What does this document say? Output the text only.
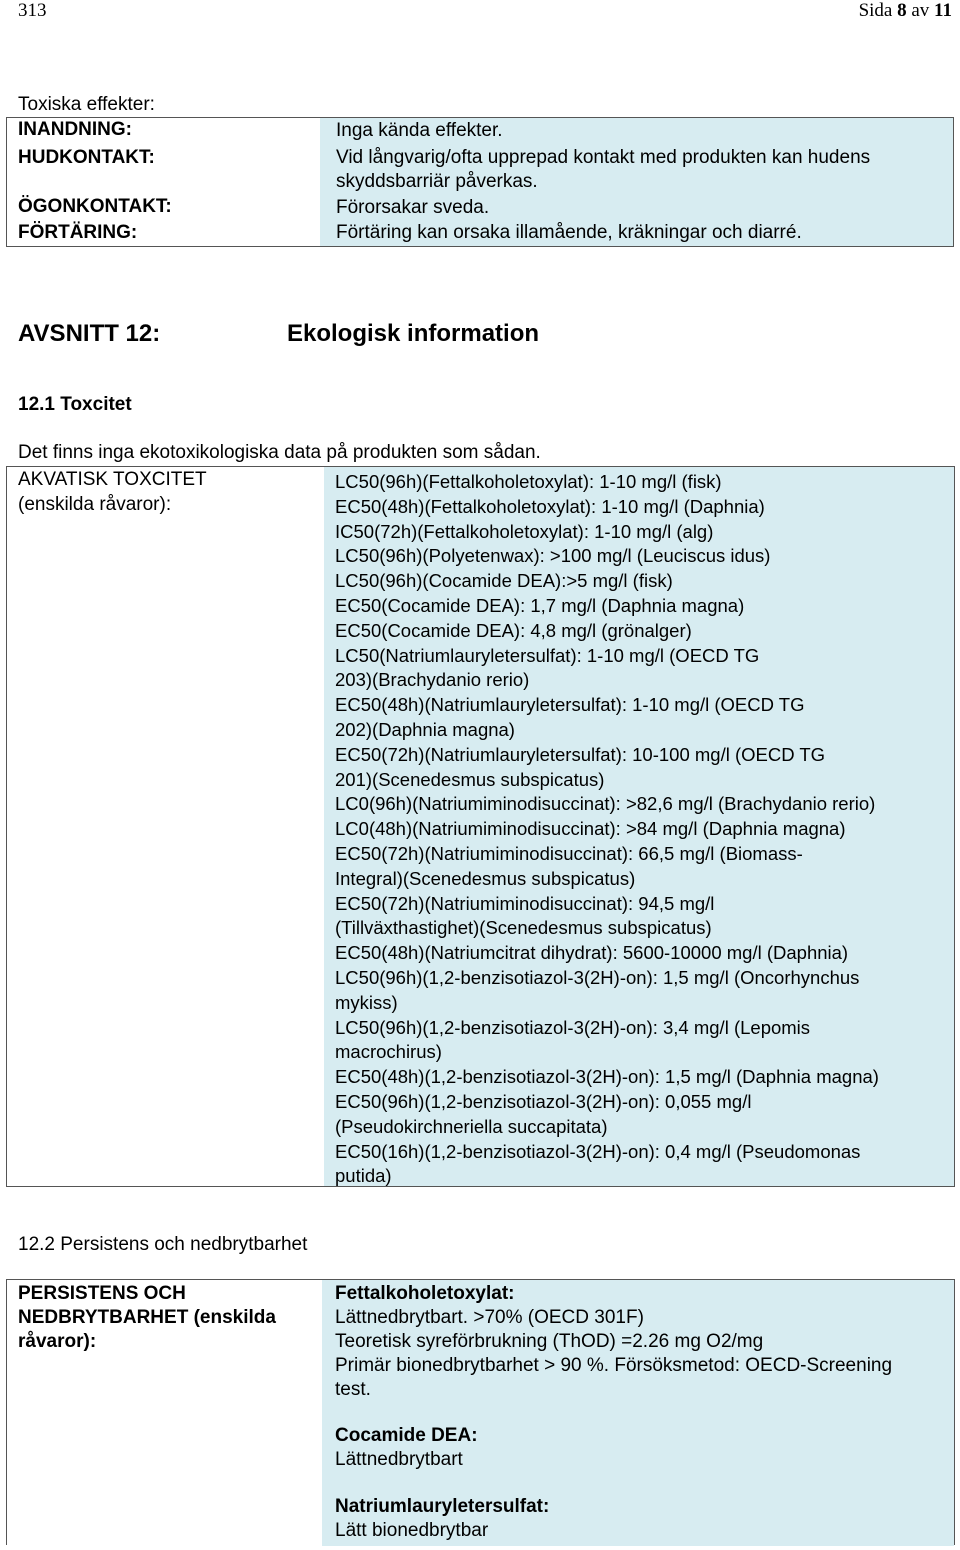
313	Sida 8 av 11
Toxiska effekter:
INANDNING:
HUDKONTAKT:
ÖGONKONTAKT:
FÖRTÄRING:
Inga kända effekter.
Vid långvarig/ofta upprepad kontakt med produkten kan hudens
skyddsbarriär påverkas.
Förorsakar sveda.
Förtäring kan orsaka illamående, kräkningar och diarré.
AVSNITT 12:	Ekologisk information
12.1 Toxcitet
Det finns inga ekotoxikologiska data på produkten som sådan.
AKVATISK TOXCITET
(enskilda råvaror):
LC50(96h)(Fettalkoholetoxylat): 1-10 mg/l (fisk)
EC50(48h)(Fettalkoholetoxylat): 1-10 mg/l (Daphnia)
IC50(72h)(Fettalkoholetoxylat): 1-10 mg/l (alg)
LC50(96h)(Polyetenwax): >100 mg/l (Leuciscus idus)
LC50(96h)(Cocamide DEA):>5 mg/l (fisk)
EC50(Cocamide DEA): 1,7 mg/l (Daphnia magna)
EC50(Cocamide DEA): 4,8 mg/l (grönalger)
LC50(Natriumlauryletersulfat): 1-10 mg/l (OECD TG
203)(Brachydanio rerio)
EC50(48h)(Natriumlauryletersulfat): 1-10 mg/l (OECD TG
202)(Daphnia magna)
EC50(72h)(Natriumlauryletersulfat): 10-100 mg/l (OECD TG
201)(Scenedesmus subspicatus)
LC0(96h)(Natriumiminodisuccinat): >82,6 mg/l (Brachydanio rerio)
LC0(48h)(Natriumiminodisuccinat): >84 mg/l (Daphnia magna)
EC50(72h)(Natriumiminodisuccinat): 66,5 mg/l (Biomass-
Integral)(Scenedesmus subspicatus)
EC50(72h)(Natriumiminodisuccinat): 94,5 mg/l
(Tillväxthastighet)(Scenedesmus subspicatus)
EC50(48h)(Natriumcitrat dihydrat): 5600-10000 mg/l (Daphnia)
LC50(96h)(1,2-benzisotiazol-3(2H)-on): 1,5 mg/l (Oncorhynchus
mykiss)
LC50(96h)(1,2-benzisotiazol-3(2H)-on): 3,4 mg/l (Lepomis
macrochirus)
EC50(48h)(1,2-benzisotiazol-3(2H)-on): 1,5 mg/l (Daphnia magna)
EC50(96h)(1,2-benzisotiazol-3(2H)-on): 0,055 mg/l
(Pseudokirchneriella succapitata)
EC50(16h)(1,2-benzisotiazol-3(2H)-on): 0,4 mg/l (Pseudomonas
putida)
12.2 Persistens och nedbrytbarhet
PERSISTENS OCH
NEDBRYTBARHET (enskilda
råvaror):
Fettalkoholetoxylat:
Lättnedbrytbart. >70% (OECD 301F)
Teoretisk syreförbrukning (ThOD) =2.26 mg O2/mg
Primär bionedbrytbarhet > 90 %. Försöksmetod: OECD-Screening
test.
Cocamide DEA:
Lättnedbrytbart
Natriumlauryletersulfat:
Lätt bionedbrytbar
